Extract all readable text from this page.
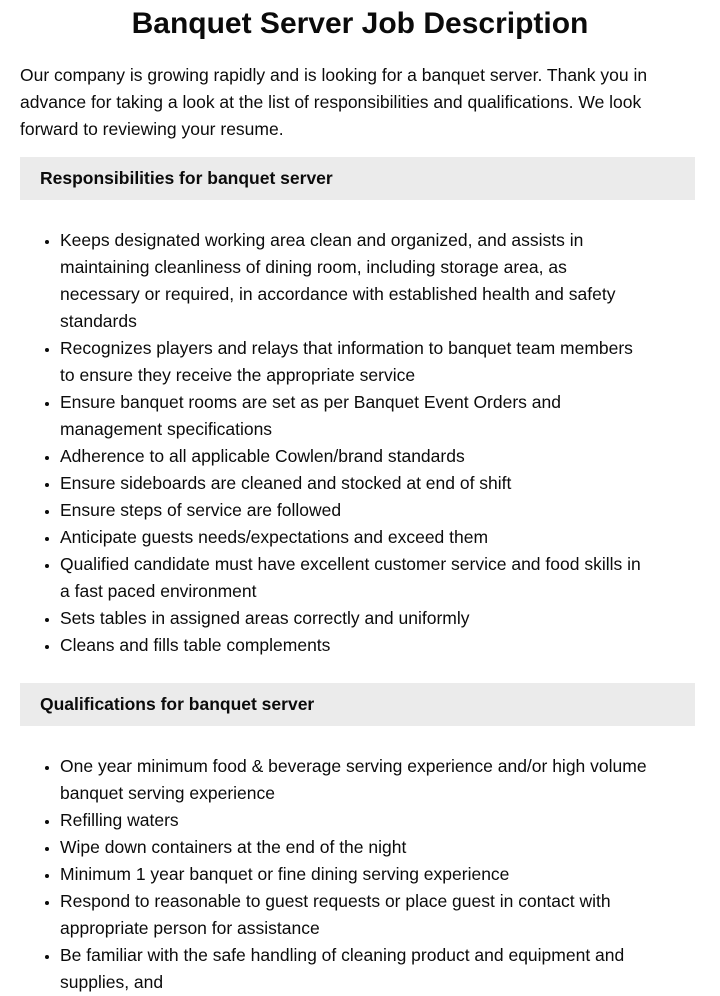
Banquet Server Job Description

Our company is growing rapidly and is looking for a banquet server. Thank you in advance for taking a look at the list of responsibilities and qualifications. We look forward to reviewing your resume.

Responsibilities for banquet server
• Keeps designated working area clean and organized, and assists in maintaining cleanliness of dining room, including storage area, as necessary or required, in accordance with established health and safety standards
• Recognizes players and relays that information to banquet team members to ensure they receive the appropriate service
• Ensure banquet rooms are set as per Banquet Event Orders and management specifications
• Adherence to all applicable Cowlen/brand standards
• Ensure sideboards are cleaned and stocked at end of shift
• Ensure steps of service are followed
• Anticipate guests needs/expectations and exceed them
• Qualified candidate must have excellent customer service and food skills in a fast paced environment
• Sets tables in assigned areas correctly and uniformly
• Cleans and fills table complements
Qualifications for banquet server
• One year minimum food & beverage serving experience and/or high volume banquet serving experience
• Refilling waters
• Wipe down containers at the end of the night
• Minimum 1 year banquet or fine dining serving experience
• Respond to reasonable to guest requests or place guest in contact with appropriate person for assistance
• Be familiar with the safe handling of cleaning product and equipment and supplies, and
